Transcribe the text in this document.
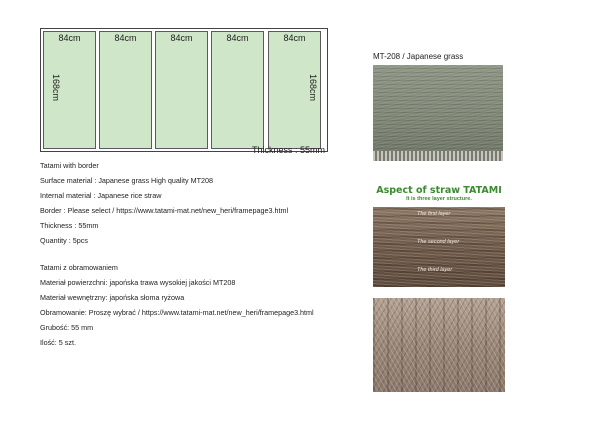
84cm
168cm
84cm	84cm	84cm	84cm
168cm
Thickness : 55mm
Tatami with border
Surface material : Japanese grass High quality MT208
Internal material : Japanese rice straw
Border : Please select / https://www.tatami-mat.net/new_heri/framepage3.html
Thickness : 55mm
Quantity : 5pcs
Tatami z obramowaniem
Materiał powierzchni: japońska trawa wysokiej jakości MT208
Materiał wewnętrzny: japońska słoma ryżowa
Obramowanie: Proszę wybrać / https://www.tatami-mat.net/new_heri/framepage3.html
Grubość: 55 mm
Ilość: 5 szt.
MT-208 / Japanese grass
Aspect of straw TATAMI
It is three layer structure.
The first layer
The second layer
The third layer
